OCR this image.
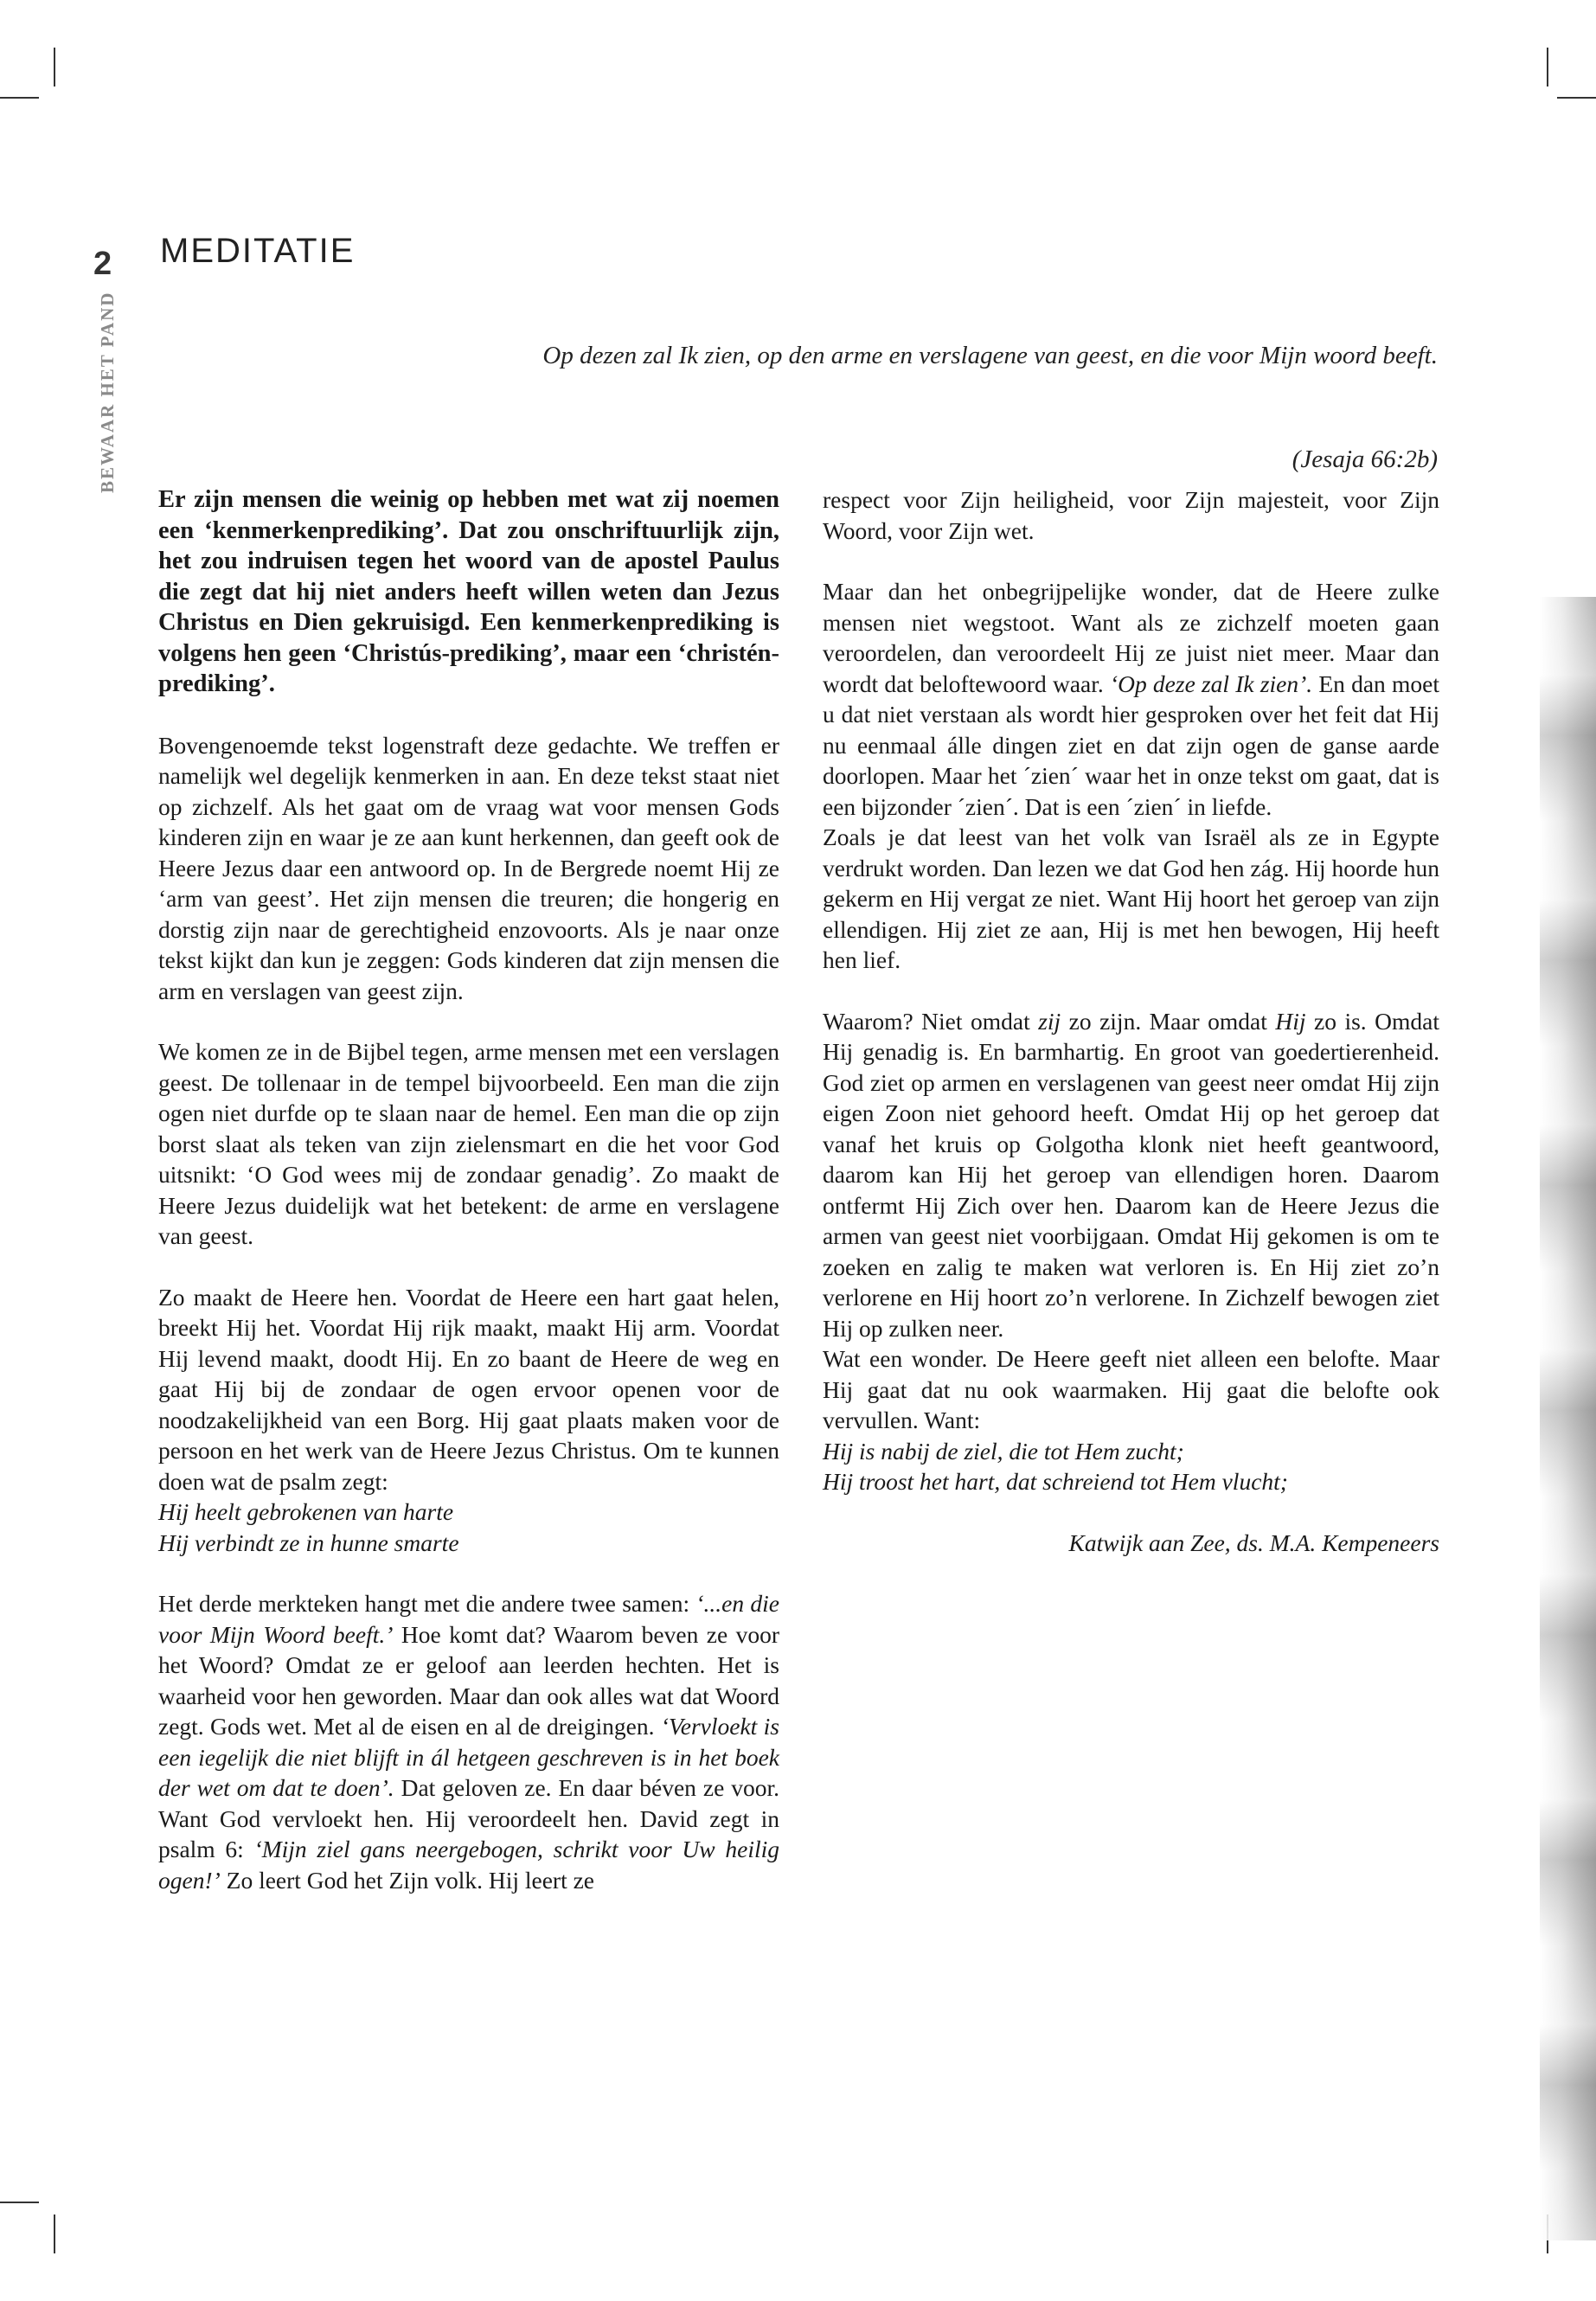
2 MEDITATIE
BEWAAR HET PAND	Op dezen zal Ik zien, op den arme en verslagene van geest, en die voor Mijn woord beeft.
(Jesaja 66:2b)

Er zijn mensen die weinig op hebben met wat zij noemen een ‘kenmerkenprediking’. Dat zou onschriftuurlijk zijn, het zou indruisen tegen het woord van de apostel Paulus die zegt dat hij niet anders heeft willen weten dan Jezus Christus en Dien gekruisigd. Een kenmerkenprediking is volgens hen geen ‘Christús-prediking’, maar een ‘christén-prediking’.

Bovengenoemde tekst logenstraft deze gedachte. We treffen er namelijk wel degelijk kenmerken in aan. En deze tekst staat niet op zichzelf. Als het gaat om de vraag wat voor mensen Gods kinderen zijn en waar je ze aan kunt herkennen, dan geeft ook de Heere Jezus daar een antwoord op. In de Bergrede noemt Hij ze ‘arm van geest’. Het zijn mensen die treuren; die hongerig en dorstig zijn naar de gerechtigheid enzovoorts. Als je naar onze tekst kijkt dan kun je zeggen: Gods kinderen dat zijn mensen die arm en verslagen van geest zijn.

We komen ze in de Bijbel tegen, arme mensen met een verslagen geest. De tollenaar in de tempel bijvoorbeeld. Een man die zijn ogen niet durfde op te slaan naar de hemel. Een man die op zijn borst slaat als teken van zijn zielensmart en die het voor God uitsnikt: ‘O God wees mij de zondaar genadig’. Zo maakt de Heere Jezus duidelijk wat het betekent: de arme en verslagene van geest.

Zo maakt de Heere hen. Voordat de Heere een hart gaat helen, breekt Hij het. Voordat Hij rijk maakt, maakt Hij arm. Voordat Hij levend maakt, doodt Hij. En zo baant de Heere de weg en gaat Hij bij de zondaar de ogen ervoor openen voor de noodzakelijkheid van een Borg. Hij gaat plaats maken voor de persoon en het werk van de Heere Jezus Christus. Om te kunnen doen wat de psalm zegt:

Hij heelt gebrokenen van harte

Hij verbindt ze in hunne smarte

Het derde merkteken hangt met die andere twee samen: ‘...en die voor Mijn Woord beeft.’ Hoe komt dat? Waarom beven ze voor het Woord? Omdat ze er geloof aan leerden hechten. Het is waarheid voor hen geworden. Maar dan ook alles wat dat Woord zegt. Gods wet. Met al de eisen en al de dreigingen. ‘Vervloekt is een iegelijk die niet blijft in ál hetgeen geschreven is in het boek der wet om dat te doen’. Dat geloven ze. En daar béven ze voor. Want God vervloekt hen. Hij veroordeelt hen. David zegt in psalm 6: ‘Mijn ziel gans neergebogen, schrikt voor Uw heilig ogen!’ Zo leert God het Zijn volk. Hij leert ze

respect voor Zijn heiligheid, voor Zijn majesteit, voor Zijn Woord, voor Zijn wet.

Maar dan het onbegrijpelijke wonder, dat de Heere zulke mensen niet wegstoot. Want als ze zichzelf moeten gaan veroordelen, dan veroordeelt Hij ze juist niet meer. Maar dan wordt dat beloftewoord waar. ‘Op deze zal Ik zien’. En dan moet u dat niet verstaan als wordt hier gesproken over het feit dat Hij nu eenmaal álle dingen ziet en dat zijn ogen de ganse aarde doorlopen. Maar het ´zien´ waar het in onze tekst om gaat, dat is een bijzonder ´zien´. Dat is een ´zien´ in liefde.

Zoals je dat leest van het volk van Israël als ze in Egypte verdrukt worden. Dan lezen we dat God hen zág. Hij hoorde hun gekerm en Hij vergat ze niet. Want Hij hoort het geroep van zijn ellendigen. Hij ziet ze aan, Hij is met hen bewogen, Hij heeft hen lief.

Waarom? Niet omdat zij zo zijn. Maar omdat Hij zo is. Omdat Hij genadig is. En barmhartig. En groot van goedertierenheid. God ziet op armen en verslagenen van geest neer omdat Hij zijn eigen Zoon niet gehoord heeft. Omdat Hij op het geroep dat vanaf het kruis op Golgotha klonk niet heeft geantwoord, daarom kan Hij het geroep van ellendigen horen. Daarom ontfermt Hij Zich over hen. Daarom kan de Heere Jezus die armen van geest niet voorbijgaan. Omdat Hij gekomen is om te zoeken en zalig te maken wat verloren is. En Hij ziet zo’n verlorene en Hij hoort zo’n verlorene. In Zichzelf bewogen ziet Hij op zulken neer.

Wat een wonder. De Heere geeft niet alleen een belofte. Maar Hij gaat dat nu ook waarmaken. Hij gaat die belofte ook vervullen. Want:

Hij is nabij de ziel, die tot Hem zucht;

Hij troost het hart, dat schreiend tot Hem vlucht;

Katwijk aan Zee, ds. M.A. Kempeneers
